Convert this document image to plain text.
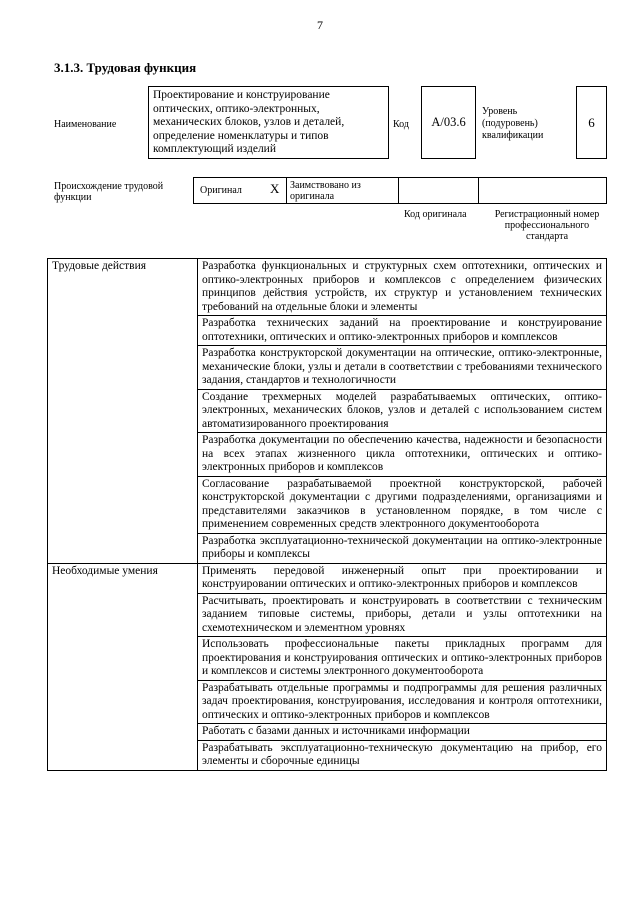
7
3.1.3. Трудовая функция
Наименование
Проектирование и конструирование оптических, оптико-электронных, механических блоков, узлов и деталей, определение номенклатуры и типов комплектующий изделий
Код A/03.6
Уровень (подуровень) квалификации
6
Происхождение трудовой функции
Оригинал X	Заимствовано из оригинала
Код оригинала	Регистрационный номер профессионального стандарта
Трудовые действия	Разработка функциональных и структурных схем оптотехники, оптических и оптико-электронных приборов и комплексов с определением физических принципов действия устройств, их структур и установлением технических требований на отдельные блоки и элементы
	Разработка технических заданий на проектирование и конструирование оптотехники, оптических и оптико-электронных приборов и комплексов
	Разработка конструкторской документации на оптические, оптико-электронные, механические блоки, узлы и детали в соответствии с требованиями технического задания, стандартов и технологичности
	Создание трехмерных моделей разрабатываемых оптических, оптико-электронных, механических блоков, узлов и деталей с использованием систем автоматизированного проектирования
	Разработка документации по обеспечению качества, надежности и безопасности на всех этапах жизненного цикла оптотехники, оптических и оптико-электронных приборов и комплексов
	Согласование разрабатываемой проектной конструкторской, рабочей конструкторской документации с другими подразделениями, организациями и представителями заказчиков в установленном порядке, в том числе с применением современных средств электронного документооборота
	Разработка эксплуатационно-технической документации на оптико-электронные приборы и комплексы
Необходимые умения	Применять передовой инженерный опыт при проектировании и конструировании оптических и оптико-электронных приборов и комплексов
	Расчитывать, проектировать и конструировать в соответствии с техническим заданием типовые системы, приборы, детали и узлы оптотехники на схемотехническом и элементном уровнях
	Использовать профессиональные пакеты прикладных программ для проектирования и конструирования оптических и оптико-электронных приборов и комплексов и системы электронного документооборота
	Разрабатывать отдельные программы и подпрограммы для решения различных задач проектирования, конструирования, исследования и контроля оптотехники, оптических и оптико-электронных приборов и комплексов
	Работать с базами данных и источниками информации
	Разрабатывать эксплуатационно-техническую документацию на прибор, его элементы и сборочные единицы
